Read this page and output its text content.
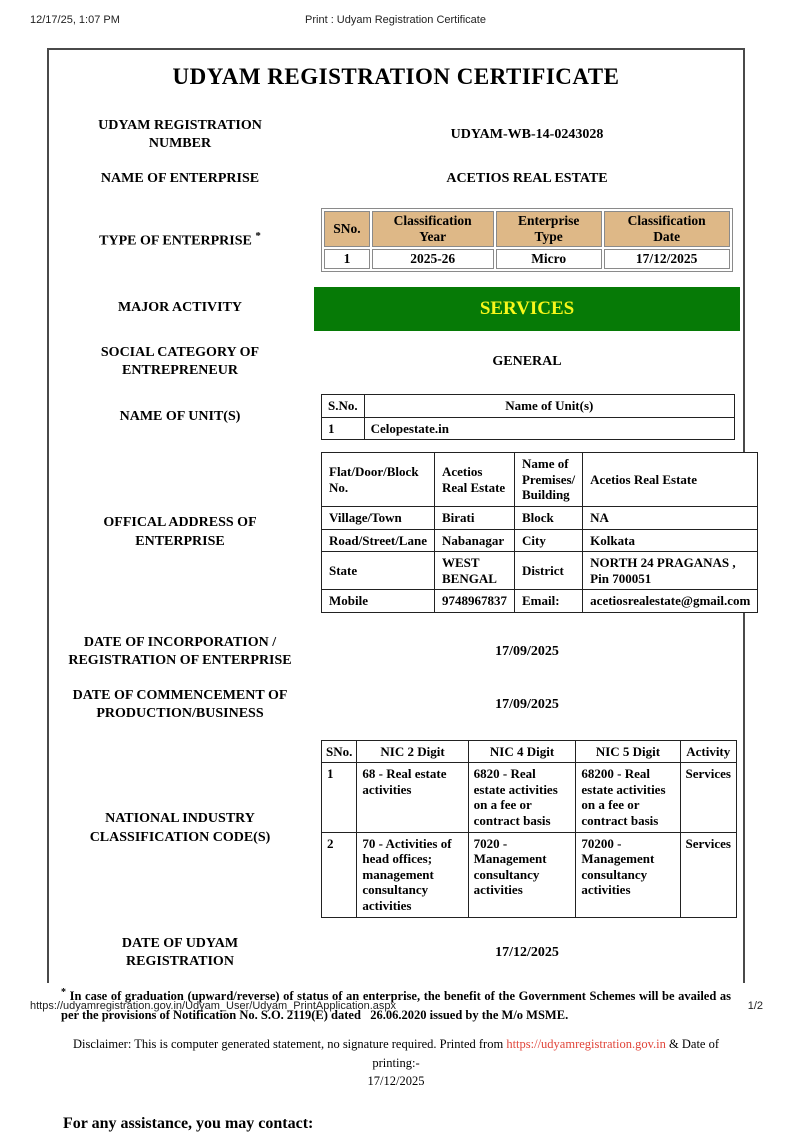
12/17/25, 1:07 PM	Print : Udyam Registration Certificate
UDYAM REGISTRATION CERTIFICATE
UDYAM REGISTRATION NUMBER
UDYAM-WB-14-0243028
NAME OF ENTERPRISE	ACETIOS REAL ESTATE
TYPE OF ENTERPRISE *
SNo.	Classification Year	Enterprise Type	Classification Date
1	2025-26	Micro	17/12/2025
MAJOR ACTIVITY	SERVICES
SOCIAL CATEGORY OF ENTREPRENEUR
GENERAL
NAME OF UNIT(S)
S.No.	Name of Unit(s)
1	Celopestate.in
OFFICAL ADDRESS OF ENTERPRISE
Flat/Door/Block No.	Acetios Real Estate	Name of Premises/ Building	Acetios Real Estate
Village/Town	Birati	Block	NA
Road/Street/Lane	Nabanagar	City	Kolkata
State	WEST BENGAL	District	NORTH 24 PRAGANAS , Pin 700051
Mobile	9748967837	Email:	acetiosrealestate@gmail.com
DATE OF INCORPORATION / REGISTRATION OF ENTERPRISE
17/09/2025
DATE OF COMMENCEMENT OF PRODUCTION/BUSINESS
17/09/2025
NATIONAL INDUSTRY CLASSIFICATION CODE(S)
SNo.	NIC 2 Digit	NIC 4 Digit	NIC 5 Digit	Activity
1	68 - Real estate activities	6820 - Real estate activities on a fee or contract basis	68200 - Real estate activities on a fee or contract basis	Services
2	70 - Activities of head offices; management consultancy activities	7020 - Management consultancy activities	70200 - Management consultancy activities	Services
DATE OF UDYAM REGISTRATION
17/12/2025
* In case of graduation (upward/reverse) of status of an enterprise, the benefit of the Government Schemes will be availed as per the provisions of Notification No. S.O. 2119(E) dated   26.06.2020 issued by the M/o MSME.
Disclaimer: This is computer generated statement, no signature required. Printed from https://udyamregistration.gov.in & Date of printing:-
17/12/2025
For any assistance, you may contact:
https://udyamregistration.gov.in/Udyam_User/Udyam_PrintApplication.aspx	1/2
